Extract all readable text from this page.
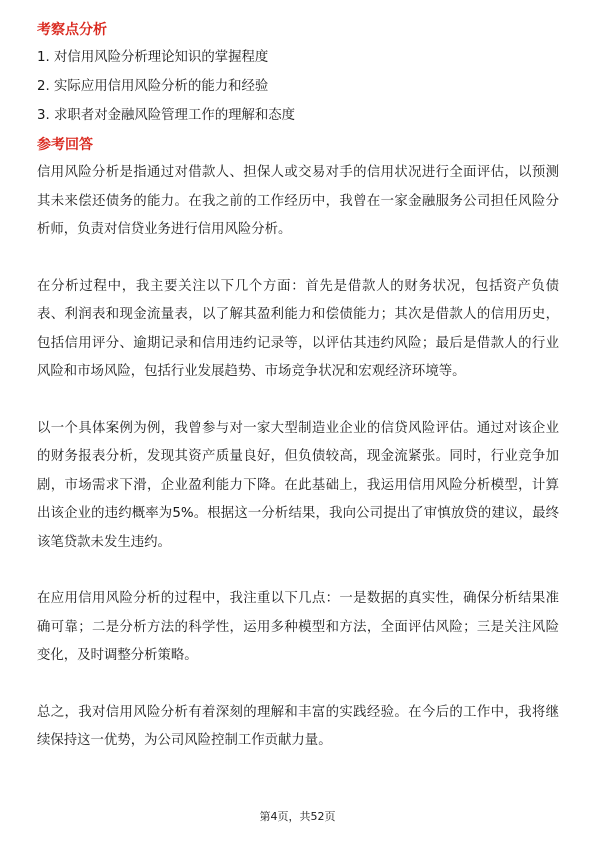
考察点分析
1. 对信用风险分析理论知识的掌握程度
2. 实际应用信用风险分析的能力和经验
3. 求职者对金融风险管理工作的理解和态度
参考回答

信用风险分析是指通过对借款人、担保人或交易对手的信用状况进行全面评估，以预测其未来偿还债务的能力。在我之前的工作经历中，我曾在一家金融服务公司担任风险分析师，负责对信贷业务进行信用风险分析。

在分析过程中，我主要关注以下几个方面：首先是借款人的财务状况，包括资产负债表、利润表和现金流量表，以了解其盈利能力和偿债能力；其次是借款人的信用历史，包括信用评分、逾期记录和信用违约记录等，以评估其违约风险；最后是借款人的行业风险和市场风险，包括行业发展趋势、市场竞争状况和宏观经济环境等。

以一个具体案例为例，我曾参与对一家大型制造业企业的信贷风险评估。通过对该企业的财务报表分析，发现其资产质量良好，但负债较高，现金流紧张。同时，行业竞争加剧，市场需求下滑，企业盈利能力下降。在此基础上，我运用信用风险分析模型，计算出该企业的违约概率为5%。根据这一分析结果，我向公司提出了审慎放贷的建议，最终该笔贷款未发生违约。

在应用信用风险分析的过程中，我注重以下几点：一是数据的真实性，确保分析结果准确可靠；二是分析方法的科学性，运用多种模型和方法，全面评估风险；三是关注风险变化，及时调整分析策略。

总之，我对信用风险分析有着深刻的理解和丰富的实践经验。在今后的工作中，我将继续保持这一优势，为公司风险控制工作贡献力量。

第4页，共52页
